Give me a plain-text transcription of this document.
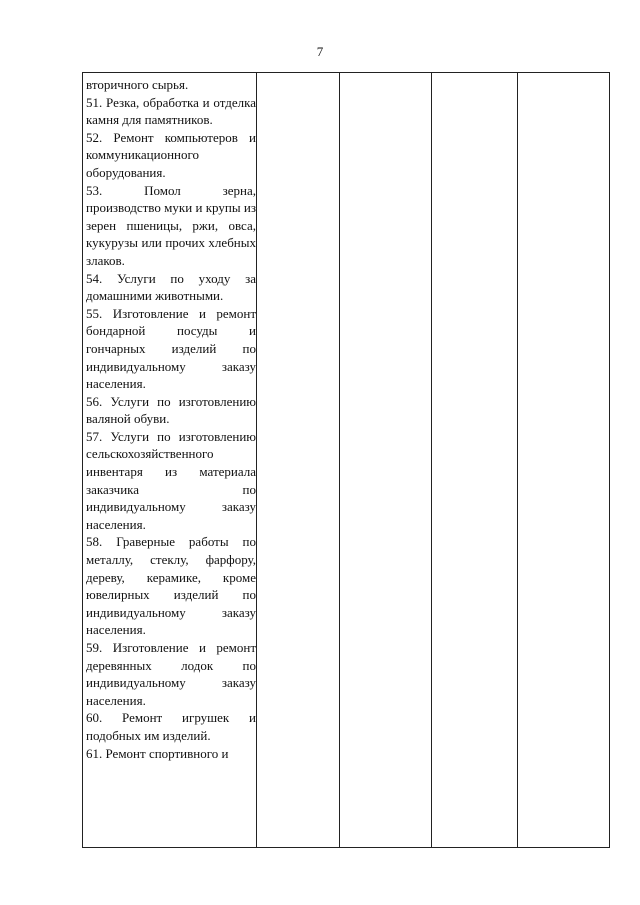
7

вторичного сырья.

51. Резка, обработка и отделка камня для памятников.

52. Ремонт компьютеров и коммуникационного оборудования.

53. Помол зерна, производство муки и крупы из зерен пшеницы, ржи, овса, кукурузы или прочих хлебных злаков.

54. Услуги по уходу за домашними животными.

55. Изготовление и ремонт бондарной посуды и гончарных изделий по индивидуальному заказу населения.

56. Услуги по изготовлению валяной обуви.

57. Услуги по изготовлению сельскохозяйственного инвентаря из материала заказчика по индивидуальному заказу населения.

58. Граверные работы по металлу, стеклу, фарфору, дереву, керамике, кроме ювелирных изделий по индивидуальному заказу населения.

59. Изготовление и ремонт деревянных лодок по индивидуальному заказу населения.

60. Ремонт игрушек и подобных им изделий.

61. Ремонт спортивного и
